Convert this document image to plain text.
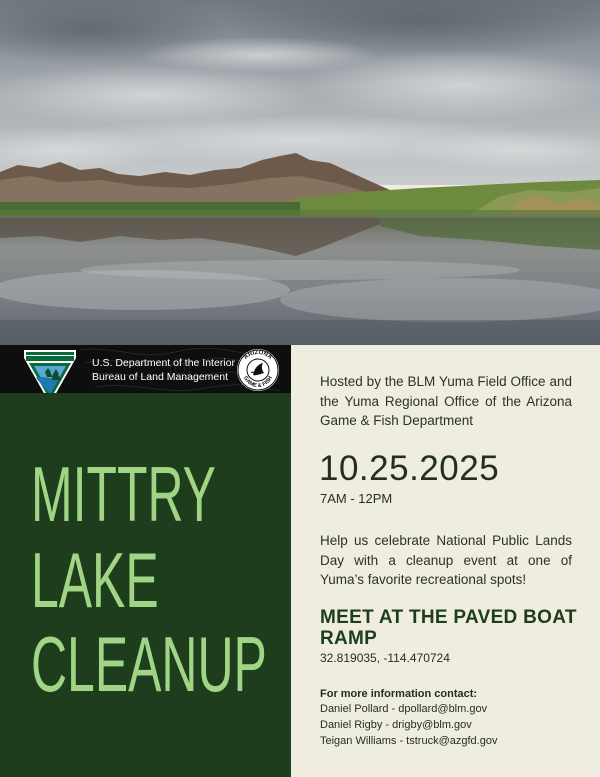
U.S. Department of the Interior
Bureau of Land Management
ARIZONA
GAME & FISH
MITTRY
LAKE
CLEANUP
Hosted by the BLM Yuma Field Office and the Yuma Regional Office of the Arizona Game & Fish Department
10.25.2025
7AM - 12PM
Help us celebrate National Public Lands Day with a cleanup event at one of Yuma’s favorite recreational spots!
MEET AT THE PAVED BOAT RAMP
32.819035, -114.470724
For more information contact:
Daniel Pollard - dpollard@blm.gov
Daniel Rigby - drigby@blm.gov
Teigan Williams - tstruck@azgfd.gov
